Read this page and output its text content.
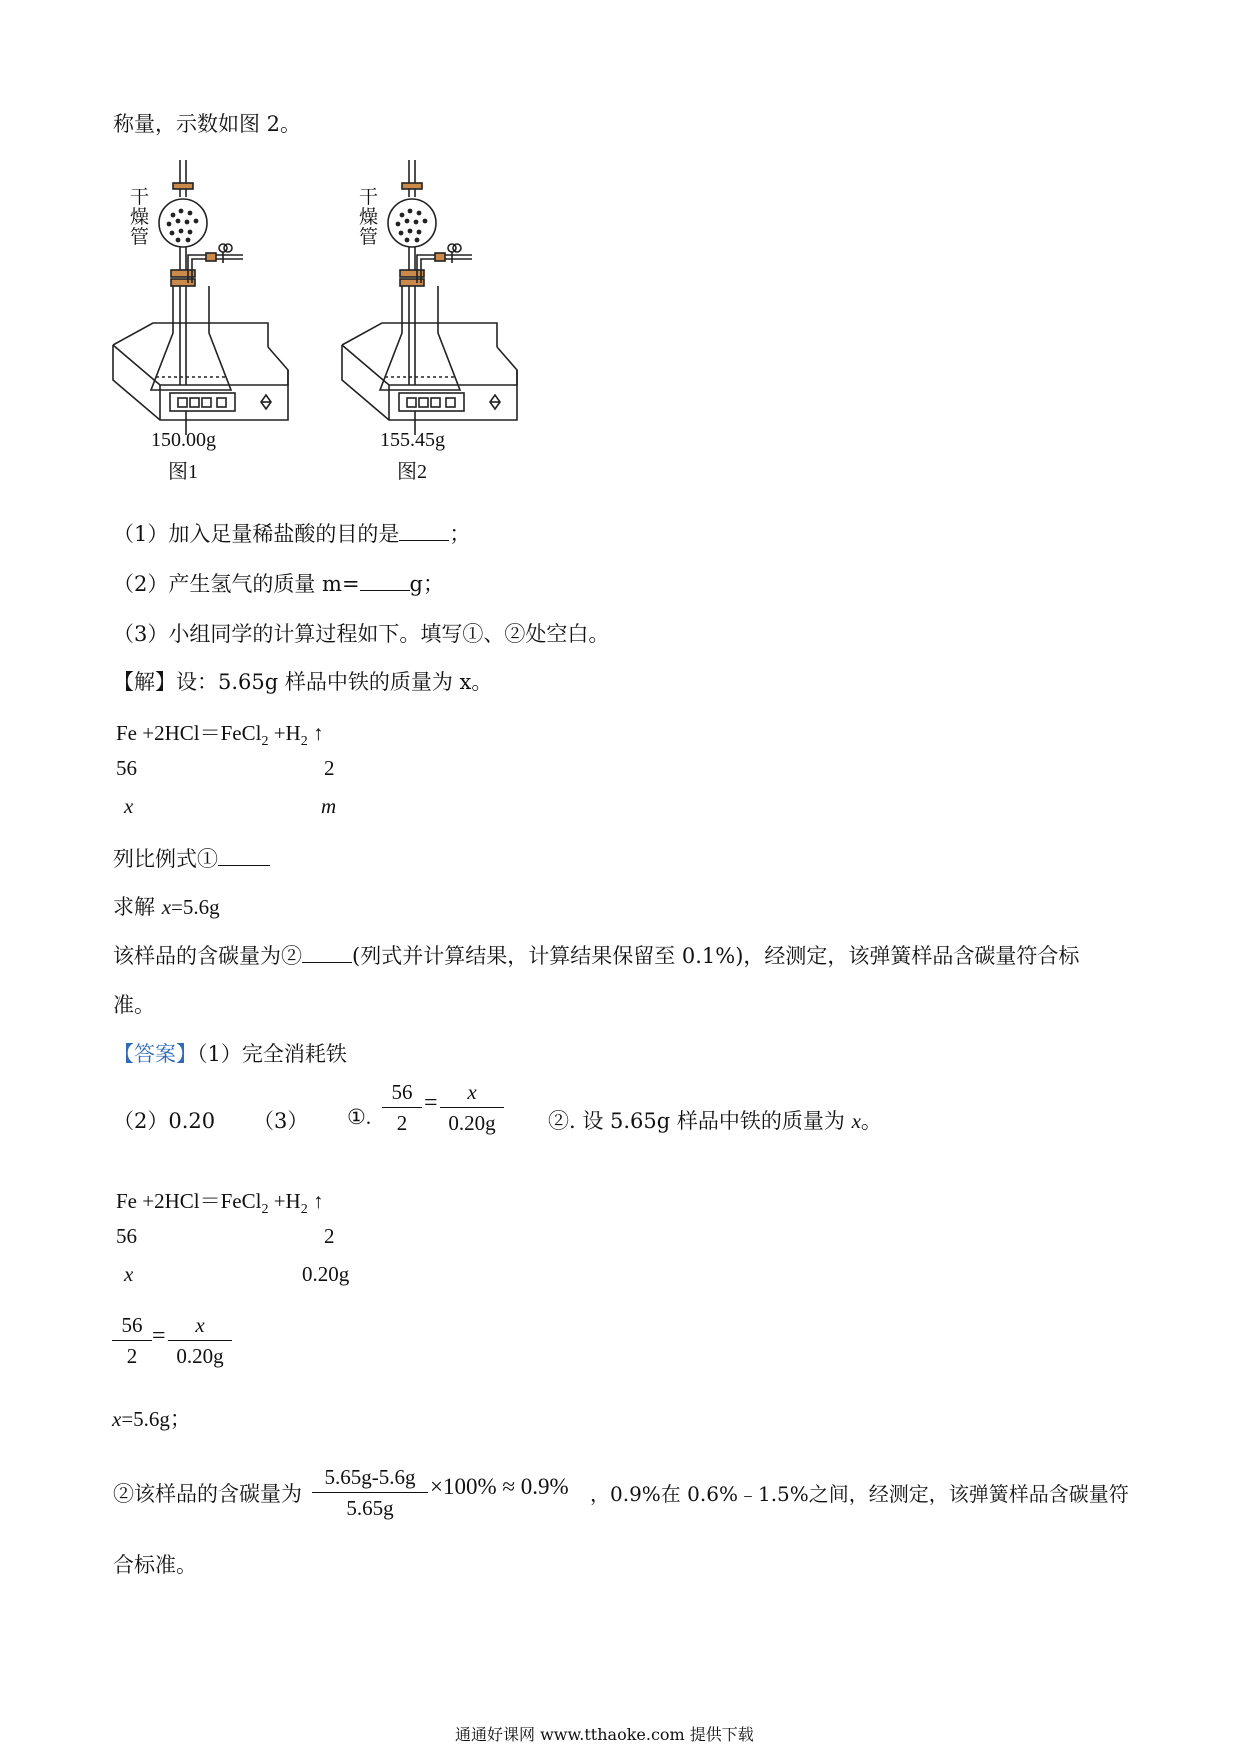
称量，示数如图 2。
干
燥
管
150.00g
图1
干
燥
管
155.45g
图2
（1）加入足量稀盐酸的目的是 ；
（2）产生氢气的质量 m= g；
（3）小组同学的计算过程如下。填写①、②处空白。
【解】设：5.65g 样品中铁的质量为 x。
Fe +2HCl＝FeCl$_2$ $+H_2$ ↑
56	2
x	m
列比例式①
求解 x=5.6g
该样品的含碳量为② (列式并计算结果，计算结果保留至 0.1%)，经测定，该弹簧样品含碳量符合标
准。
【答案】（1）完全消耗铁
（2）0.20 （3） ①.
56
2
=	x
0.20g	②. 设 5.65g 样品中铁的质量为 x。
Fe +2HCl＝FeCl$_2$ $+H_2$ ↑
56	2
x	0.20g
56
2
=	x
0.20g
x=5.6g；
②该样品的含碳量为
5.65g-5.6g
5.65g
×100% ≈ 0.9% ，0.9%在 0.6%﹣1.5%之间，经测定，该弹簧样品含碳量符
合标准。
通通好课网 www.tthaoke.com 提供下载
